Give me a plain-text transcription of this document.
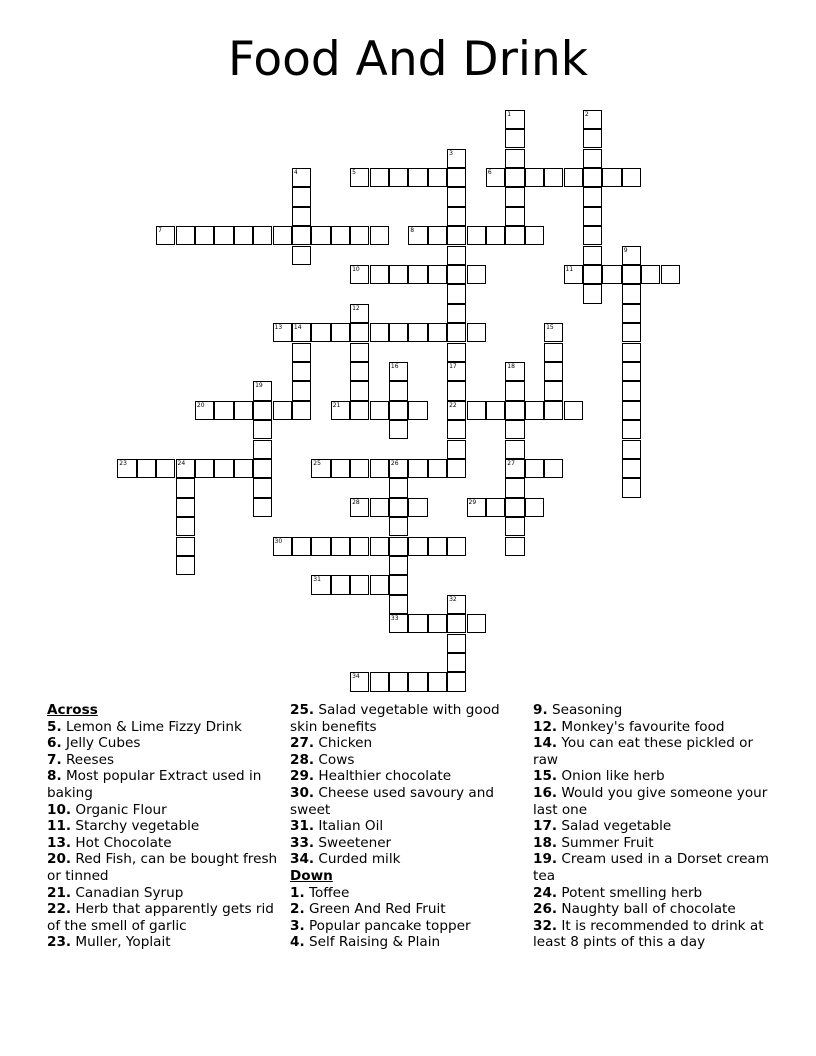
Food And Drink
1	2
3
4	5	6
7	8
9
10	11
12
13 14	15
16	17
22
18
27
19
20	21
23	24	25	26
33
28	29
30
31
32
34
Across
5. Lemon & Lime Fizzy Drink
6. Jelly Cubes
7. Reeses
8. Most popular Extract used in baking
10. Organic Flour
11. Starchy vegetable
13. Hot Chocolate
20. Red Fish, can be bought fresh or tinned
21. Canadian Syrup
22. Herb that apparently gets rid of the smell of garlic
23. Muller, Yoplait
25. Salad vegetable with good skin benefits
27. Chicken
28. Cows
29. Healthier chocolate
30. Cheese used savoury and sweet
31. Italian Oil
33. Sweetener
34. Curded milk
Down
1. Toffee
2. Green And Red Fruit
3. Popular pancake topper
4. Self Raising & Plain
9. Seasoning
12. Monkey's favourite food
14. You can eat these pickled or raw
15. Onion like herb
16. Would you give someone your last one
17. Salad vegetable
18. Summer Fruit
19. Cream used in a Dorset cream tea
24. Potent smelling herb
26. Naughty ball of chocolate
32. It is recommended to drink at least 8 pints of this a day
